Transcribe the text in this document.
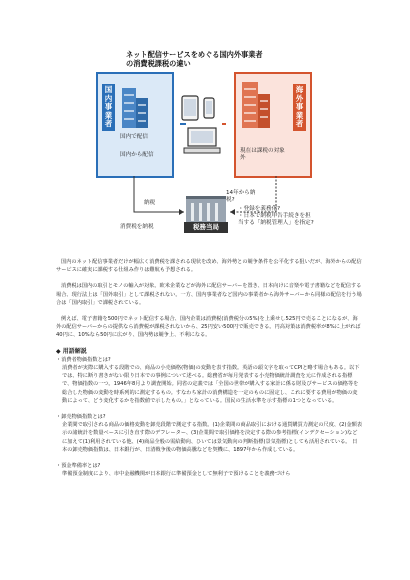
ネット配信サービスをめぐる国内外事業者
の消費税課税の違い
国内事業者
国内で配信
国内から配信
海外事業者
現在は課税の対象外
納税
14年から納税?
消費税を納税	税務当局
・登録を義務化?
・日本で納税申告手続きを担当する「納税管理人」を指定?

国内のネット配信事業者だけが幅広く消費税を課される現状を改め、海外勢との競争条件を公平化する狙いだが、海外からの配信サービスに確実に課税する仕組み作りは難航も予想される。

消費税は国内の取引とモノの輸入が対象。欧米企業などが海外に配信サーバーを置き、日本向けに音楽や電子書籍などを配信する場合、現行法上は「国外取引」として課税されない。一方、国内事業者など国内の事業者から海外サーバーから同様の配信を行う場合は「国内取引」で課税されている。

例えば、電子書籍を500円でネット配信する場合、国内企業は消費税(消費税分の5%)を上乗せし525円で売ることになるが、海外の配信サーバーからの提供なら消費税が課税されないから、25円安い500円で販売できる。円高対策は消費税率が8%に上がれば40円に、10%なら50円に広がり、国内勢は競争上、不利になる。

◆ 用語解説

・消費者物価指数とは?

消費者が実際に購入する段階での、商品の小売価格(物価)の変動を表す指数。英語の頭文字を取ってCPIと略す場合もある。以下では、特に断り書きがない限り日本での事例について述べる。総務省が毎月発表する小売物価統計調査を元に作成される指標で、物価指数の一つ。1946年8月より調査開始。同省の定義では「全国の世帯が購入する家計に係る財及びサービスの価格等を総合した物価の変動を時系列的に測定するもの。すなわち家計の消費構造を一定のものに固定し、これに要する費用が物価の変動によって、どう変化するかを指数値で示したもの。」となっている。国民の生活水準を示す指標の1つとなっている。

・卸売物価指数とは?

企業間で取引される商品の価格変動を卸売段階で測定する指数。(1)企業間の商品取引における通貨購買力測定の尺度、(2)金額表示の諸統計を数量ベースに引き直す際のデフレーター、(3)企業間で取引価格を決定する際の参考指標(インデクセーション)などに加えて(1)利用されている他、(4)商品全般の需給動向、ひいては景気動向の判断指標(景気指標)としても活用されている。 日本の卸売物価指数は、日本銀行が、日清戦争後の物価高騰などを契機に、1897年から作成している。

・預金準備率とは?

準備預金制度により、市中金融機関が日本銀行に準備預金として無利子で預けることを義務づけら
